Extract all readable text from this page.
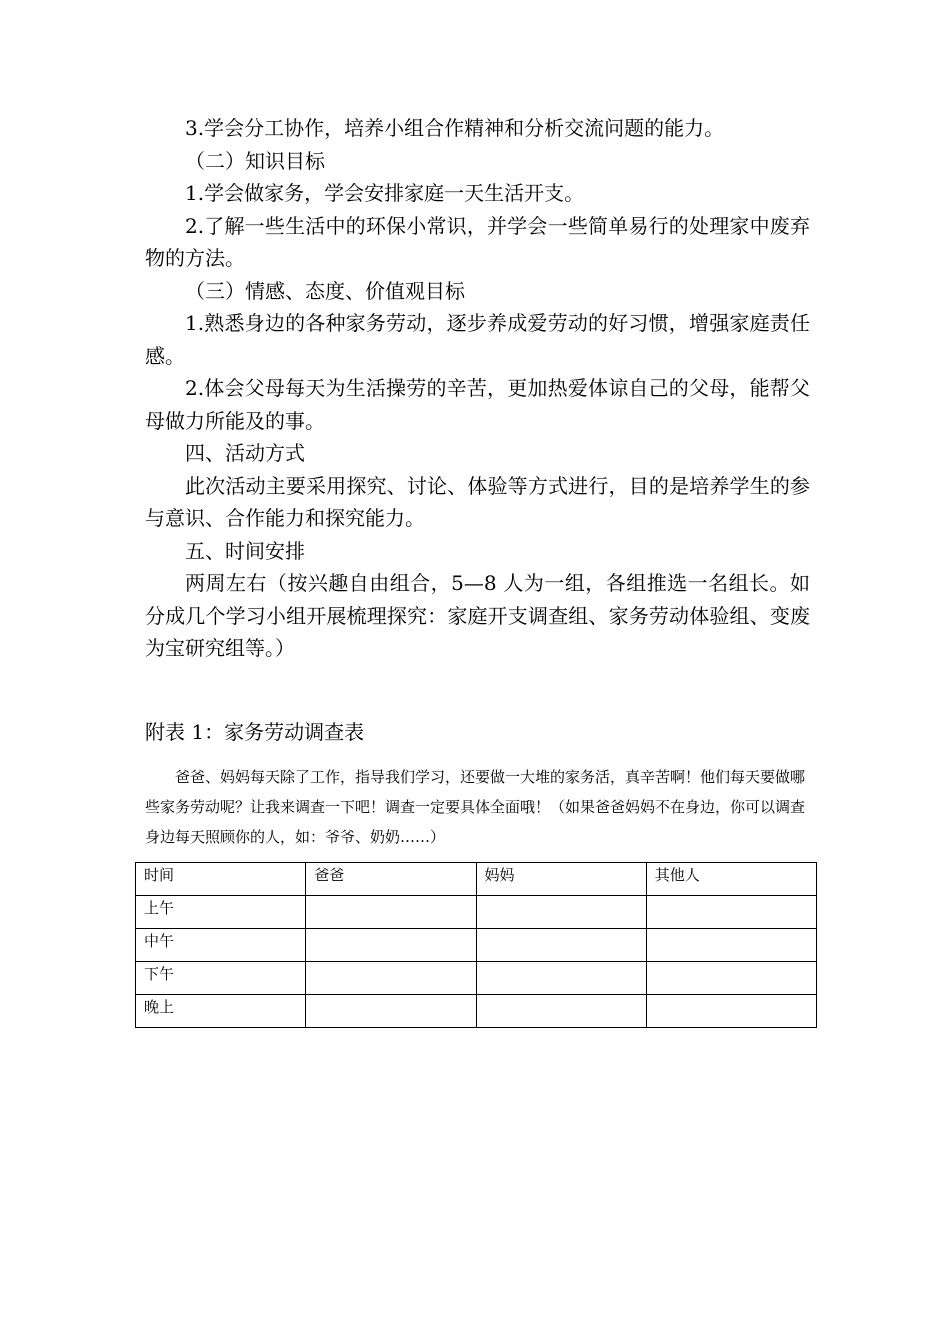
3.学会分工协作，培养小组合作精神和分析交流问题的能力。

（二）知识目标

1.学会做家务，学会安排家庭一天生活开支。

2.了解一些生活中的环保小常识，并学会一些简单易行的处理家中废弃物的方法。

（三）情感、态度、价值观目标

1.熟悉身边的各种家务劳动，逐步养成爱劳动的好习惯，增强家庭责任感。

2.体会父母每天为生活操劳的辛苦，更加热爱体谅自己的父母，能帮父母做力所能及的事。

四、活动方式

此次活动主要采用探究、讨论、体验等方式进行，目的是培养学生的参与意识、合作能力和探究能力。

五、时间安排

两周左右（按兴趣自由组合，5—8 人为一组，各组推选一名组长。如分成几个学习小组开展梳理探究：家庭开支调查组、家务劳动体验组、变废为宝研究组等。）

附表 1：家务劳动调查表

爸爸、妈妈每天除了工作，指导我们学习，还要做一大堆的家务活，真辛苦啊！他们每天要做哪些家务劳动呢？让我来调查一下吧！调查一定要具体全面哦！（如果爸爸妈妈不在身边，你可以调查身边每天照顾你的人，如：爷爷、奶奶……）

时间	爸爸	妈妈	其他人
上午			
中午			
下午			
晚上			
